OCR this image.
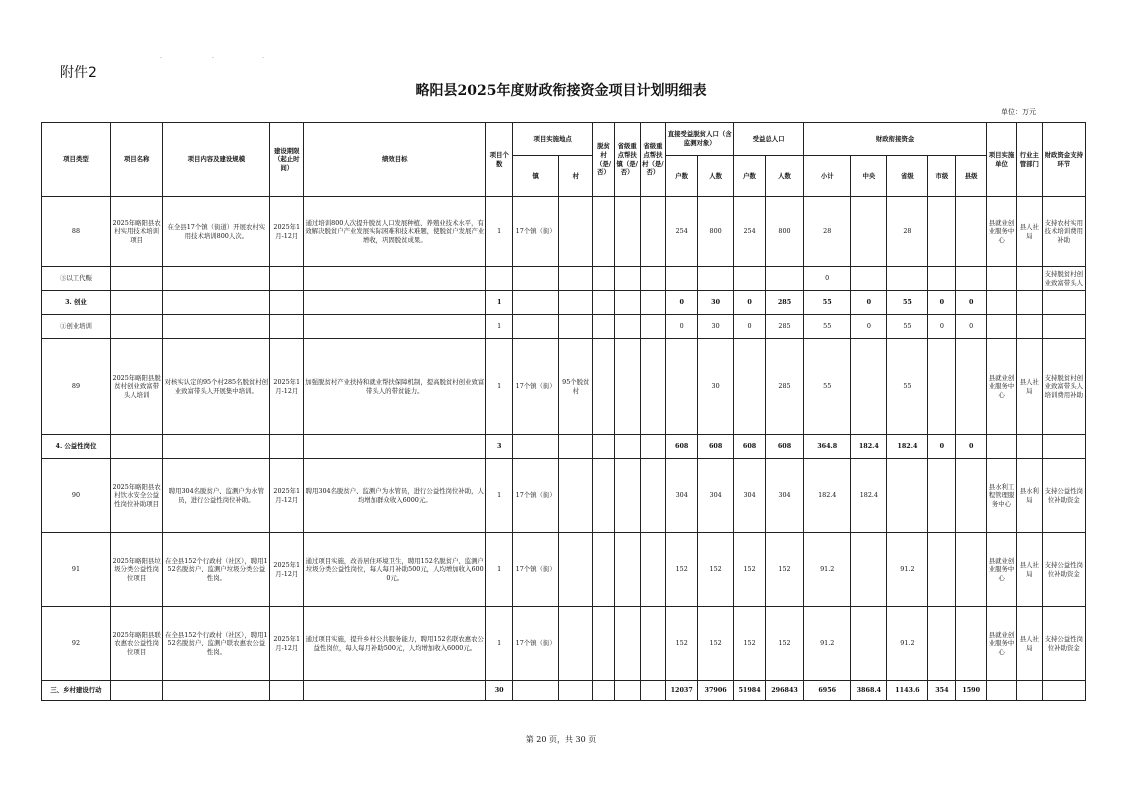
附件2
·	·	·
略阳县2025年度财政衔接资金项目计划明细表
单位：万元
项目类型	项目名称	项目内容及建设规模	建设期限（起止时间）	绩效目标	项目个数	项目实施地点		脱贫村（是/否）	省级重点帮扶镇（是/否）	省级重点帮扶村（是/否）	直接受益脱贫人口（含监测对象）		受益总人口		财政衔接资金					项目实施单位	行业主管部门	财政资金支持环节
						镇	村				户数	人数	户数	人数	小计	中央	省级	市级	县级			
88	2025年略阳县农村实用技术培训项目	在全县17个镇（街道）开展农村实用技术培训800人次。	2025年1月-12月	通过培训800人次提升脱贫人口发展种植、养殖业技术水平，有效解决脱贫户产业发展实际困难和技术难题，使脱贫户发展产业增收，巩固脱贫成果。	1	17个镇（街）					254	800	254	800	28		28			县就业创业服务中心	县人社局	支持农村实用技术培训费用补助
③以工代赈															0							支持脱贫村创业致富带头人
3. 创业					1						0	30	0	285	55	0	55	0	0			
①创业培训					1						0	30	0	285	55	0	55	0	0			
89	2025年略阳县脱贫村创业致富带头人培训	对核实认定的95个村285名脱贫村创业致富带头人开展集中培训。	2025年1月-12月	加强脱贫村产业扶持和就业帮扶保障机制，提高脱贫村创业致富带头人的带贫能力。	1	17个镇（街）	95个脱贫村					30		285	55		55			县就业创业服务中心	县人社局	支持脱贫村创业致富带头人培训费用补助
4. 公益性岗位					3						608	608	608	608	364.8	182.4	182.4	0	0			
90	2025年略阳县农村饮水安全公益性岗位补助项目	聘用304名脱贫户、监测户为水管员，进行公益性岗位补助。	2025年1月-12月	聘用304名脱贫户、监测户为水管员，进行公益性岗位补助，人均增加群众收入6000元。	1	17个镇（街）					304	304	304	304	182.4	182.4				县水利工程管理服务中心	县水利局	支持公益性岗位补助资金
91	2025年略阳县垃圾分类公益性岗位项目	在全县152个行政村（社区），聘用152名脱贫户、监测户垃圾分类公益性岗。	2025年1月-12月	通过项目实施，改善居住环境卫生，聘用152名脱贫户、监测户垃圾分类公益性岗位，每人每月补助500元，人均增加收入6000元。	1	17个镇（街）					152	152	152	152	91.2		91.2			县就业创业服务中心	县人社局	支持公益性岗位补助资金
92	2025年略阳县联农惠农公益性岗位项目	在全县152个行政村（社区），聘用152名脱贫户、监测户联农惠农公益性岗。	2025年1月-12月	通过项目实施，提升乡村公共服务能力，聘用152名联农惠农公益性岗位，每人每月补助500元，人均增加收入6000元。	1	17个镇（街）					152	152	152	152	91.2		91.2			县就业创业服务中心	县人社局	支持公益性岗位补助资金
三、乡村建设行动					30						12037	37906	51984	296843	6956	3868.4	1143.6	354	1590			
第 20 页，共 30 页
